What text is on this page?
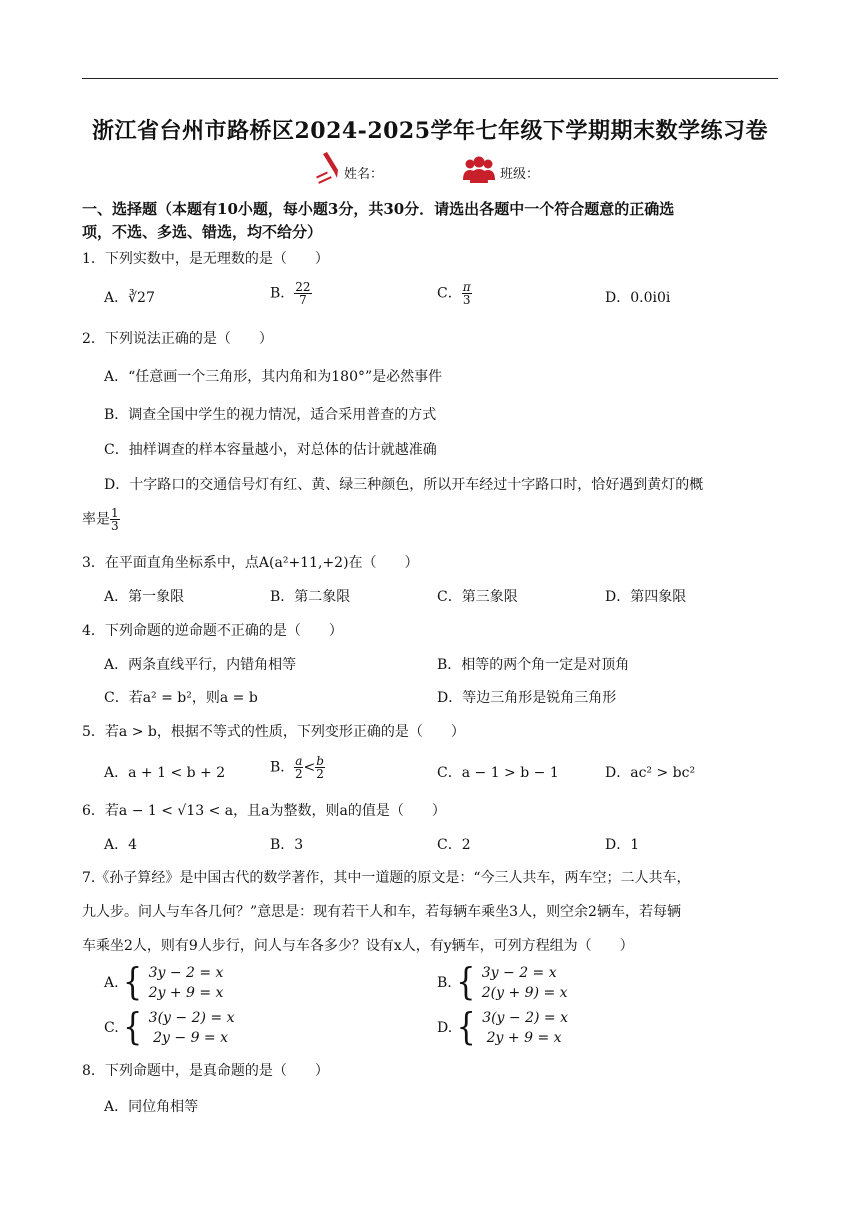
浙江省台州市路桥区2024-2025学年七年级下学期期末数学练习卷
姓名：	班级：
一、选择题（本题有10小题，每小题3分，共30分．请选出各题中一个符合题意的正确选
项，不选、多选、错选，均不给分）
1．下列实数中，是无理数的是（　　）
A．∛27	B． $\frac{22}{7}$	C． $\frac{\pi}{3}$	D．0.0i0i
2．下列说法正确的是（　　）
A．“任意画一个三角形，其内角和为180°”是必然事件
B．调查全国中学生的视力情况，适合采用普查的方式
C．抽样调查的样本容量越小，对总体的估计就越准确
D．十字路口的交通信号灯有红、黄、绿三种颜色，所以开车经过十字路口时，恰好遇到黄灯的概
率是 $\frac{1}{3}$
3．在平面直角坐标系中，点A(a²+11,+2)在（　　）
A．第一象限	B．第二象限	C．第三象限	D．第四象限
4．下列命题的逆命题不正确的是（　　）
A．两条直线平行，内错角相等	B．相等的两个角一定是对顶角
C．若a² = b²，则a = b	D．等边三角形是锐角三角形
5．若a > b，根据不等式的性质，下列变形正确的是（　　）
A．a + 1 < b + 2	B． $\frac{a}{2} < \frac{b}{2}$	C．a − 1 > b − 1	D．ac² > bc²
6．若a − 1 < √13 < a，且a为整数，则a的值是（　　）
A．4	B．3	C．2	D．1
7.《孙子算经》是中国古代的数学著作，其中一道题的原文是：“今三人共车，两车空；二人共车，
九人步。问人与车各几何？”意思是：现有若干人和车，若每辆车乘坐3人，则空余2辆车，若每辆
车乘坐2人，则有9人步行，问人与车各多少？设有x人，有y辆车，可列方程组为（　　）
A. { 3y − 2 = x
2y + 9 = x
B. { 3y − 2 = x
2(y + 9) = x
C. { 3(y − 2) = x
2y − 9 = x
D. { 3(y − 2) = x
2y + 9 = x
8．下列命题中，是真命题的是（　　）
A．同位角相等
